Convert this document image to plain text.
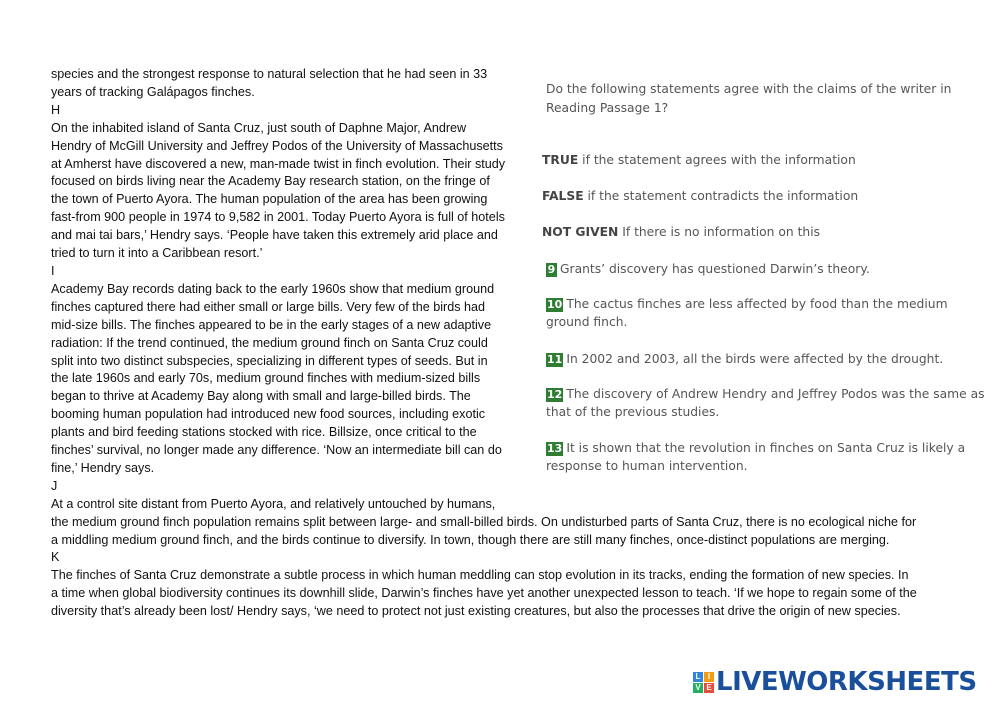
species and the strongest response to natural selection that he had seen in 33
years of tracking Galápagos finches.
H
On the inhabited island of Santa Cruz, just south of Daphne Major, Andrew
Hendry of McGill University and Jeffrey Podos of the University of Massachusetts
at Amherst have discovered a new, man-made twist in finch evolution. Their study
focused on birds living near the Academy Bay research station, on the fringe of
the town of Puerto Ayora. The human population of the area has been growing
fast-from 900 people in 1974 to 9,582 in 2001. Today Puerto Ayora is full of hotels
and mai tai bars,’ Hendry says. ‘People have taken this extremely arid place and
tried to turn it into a Caribbean resort.’
I
Academy Bay records dating back to the early 1960s show that medium ground
finches captured there had either small or large bills. Very few of the birds had
mid-size bills. The finches appeared to be in the early stages of a new adaptive
radiation: If the trend continued, the medium ground finch on Santa Cruz could
split into two distinct subspecies, specializing in different types of seeds. But in
the late 1960s and early 70s, medium ground finches with medium-sized bills
began to thrive at Academy Bay along with small and large-billed birds. The
booming human population had introduced new food sources, including exotic
plants and bird feeding stations stocked with rice. Billsize, once critical to the
finches’ survival, no longer made any difference. ‘Now an intermediate bill can do
fine,’ Hendry says.
J
At a control site distant from Puerto Ayora, and relatively untouched by humans,
the medium ground finch population remains split between large- and small-billed birds. On undisturbed parts of Santa Cruz, there is no ecological niche for
a middling medium ground finch, and the birds continue to diversify. In town, though there are still many finches, once-distinct populations are merging.
K
The finches of Santa Cruz demonstrate a subtle process in which human meddling can stop evolution in its tracks, ending the formation of new species. In
a time when global biodiversity continues its downhill slide, Darwin’s finches have yet another unexpected lesson to teach. ‘If we hope to regain some of the
diversity that’s already been lost/ Hendry says, ‘we need to protect not just existing creatures, but also the processes that drive the origin of new species.
Do the following statements agree with the claims of the writer in Reading Passage 1?
TRUE if the statement agrees with the information
FALSE if the statement contradicts the information
NOT GIVEN If there is no information on this
9 Grants’ discovery has questioned Darwin’s theory.
10 The cactus finches are less affected by food than the medium ground finch.
11 In 2002 and 2003, all the birds were affected by the drought.
12 The discovery of Andrew Hendry and Jeffrey Podos was the same as that of the previous studies.
13 It is shown that the revolution in finches on Santa Cruz is likely a response to human intervention.
L I
V E LIVEWORKSHEETS
